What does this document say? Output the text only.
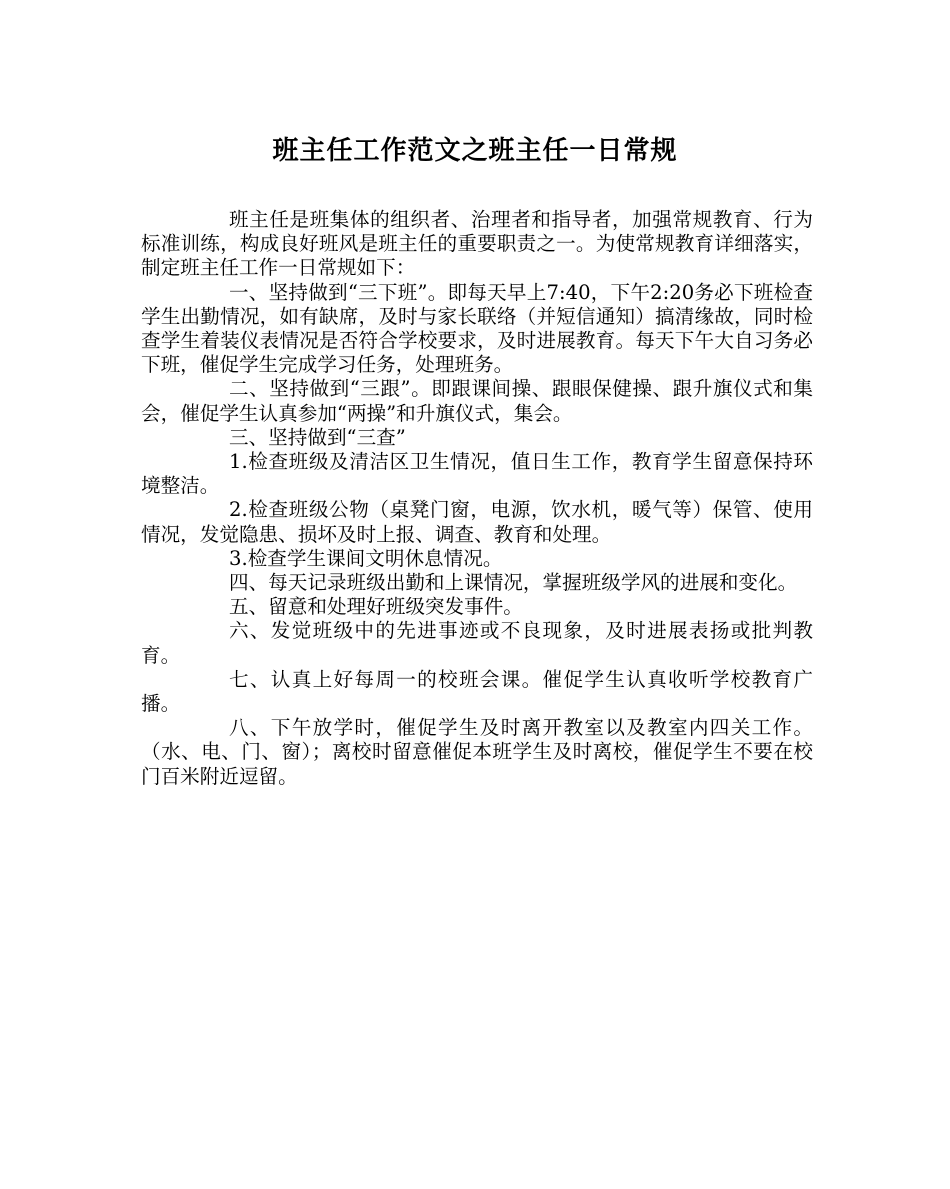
班主任工作范文之班主任一日常规

班主任是班集体的组织者、治理者和指导者，加强常规教育、行为标准训练，构成良好班风是班主任的重要职责之一。为使常规教育详细落实，制定班主任工作一日常规如下：

一、坚持做到“三下班”。即每天早上7:40，下午2:20务必下班检查学生出勤情况，如有缺席，及时与家长联络（并短信通知）搞清缘故，同时检查学生着装仪表情况是否符合学校要求，及时进展教育。每天下午大自习务必下班，催促学生完成学习任务，处理班务。

二、坚持做到“三跟”。即跟课间操、跟眼保健操、跟升旗仪式和集会，催促学生认真参加“两操”和升旗仪式，集会。

三、坚持做到“三查”

1.检查班级及清洁区卫生情况，值日生工作，教育学生留意保持环境整洁。

2.检查班级公物（桌凳门窗，电源，饮水机，暖气等）保管、使用情况，发觉隐患、损坏及时上报、调查、教育和处理。

3.检查学生课间文明休息情况。

四、每天记录班级出勤和上课情况，掌握班级学风的进展和变化。

五、留意和处理好班级突发事件。

六、发觉班级中的先进事迹或不良现象，及时进展表扬或批判教育。

七、认真上好每周一的校班会课。催促学生认真收听学校教育广播。

八、下午放学时，催促学生及时离开教室以及教室内四关工作。（水、电、门、窗）；离校时留意催促本班学生及时离校，催促学生不要在校门百米附近逗留。
